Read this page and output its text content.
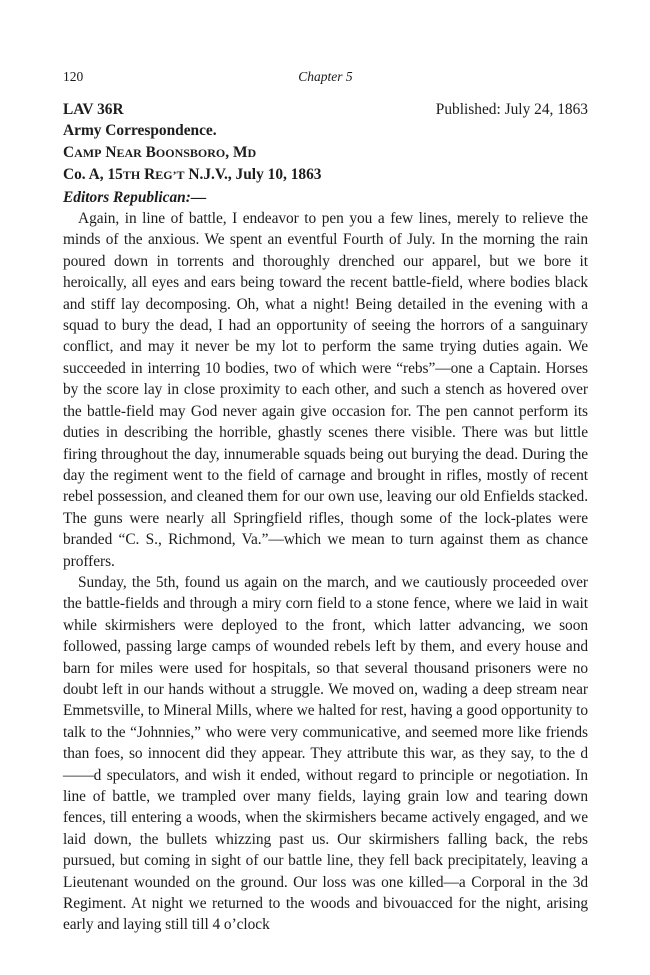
120	Chapter 5
LAV 36R	Published: July 24, 1863
Army Correspondence.
CAMP NEAR BOONSBORO, MD
Co. A, 15TH REG’T N.J.V., July 10, 1863
Editors Republican:—

Again, in line of battle, I endeavor to pen you a few lines, merely to relieve the minds of the anxious. We spent an eventful Fourth of July. In the morning the rain poured down in torrents and thoroughly drenched our apparel, but we bore it heroically, all eyes and ears being toward the recent battle-field, where bodies black and stiff lay decomposing. Oh, what a night! Being detailed in the evening with a squad to bury the dead, I had an opportunity of seeing the horrors of a sanguinary conflict, and may it never be my lot to perform the same trying duties again. We succeeded in interring 10 bodies, two of which were “rebs”—one a Captain. Horses by the score lay in close proximity to each other, and such a stench as hovered over the battle-field may God never again give occasion for. The pen cannot perform its duties in describing the horrible, ghastly scenes there visible. There was but little firing throughout the day, innumerable squads being out burying the dead. During the day the regiment went to the field of carnage and brought in rifles, mostly of recent rebel possession, and cleaned them for our own use, leaving our old Enfields stacked. The guns were nearly all Springfield rifles, though some of the lock-plates were branded “C. S., Richmond, Va.”—which we mean to turn against them as chance proffers.

Sunday, the 5th, found us again on the march, and we cautiously proceeded over the battle-fields and through a miry corn field to a stone fence, where we laid in wait while skirmishers were deployed to the front, which latter advancing, we soon followed, passing large camps of wounded rebels left by them, and every house and barn for miles were used for hospitals, so that several thousand prisoners were no doubt left in our hands without a struggle. We moved on, wading a deep stream near Emmetsville, to Mineral Mills, where we halted for rest, having a good opportunity to talk to the “Johnnies,” who were very communicative, and seemed more like friends than foes, so innocent did they appear. They attribute this war, as they say, to the d——d speculators, and wish it ended, without regard to principle or negotiation. In line of battle, we trampled over many fields, laying grain low and tearing down fences, till entering a woods, when the skirmishers became actively engaged, and we laid down, the bullets whizzing past us. Our skirmishers falling back, the rebs pursued, but coming in sight of our battle line, they fell back precipitately, leaving a Lieutenant wounded on the ground. Our loss was one killed—a Corporal in the 3d Regiment. At night we returned to the woods and bivouacced for the night, arising early and laying still till 4 o’clock
